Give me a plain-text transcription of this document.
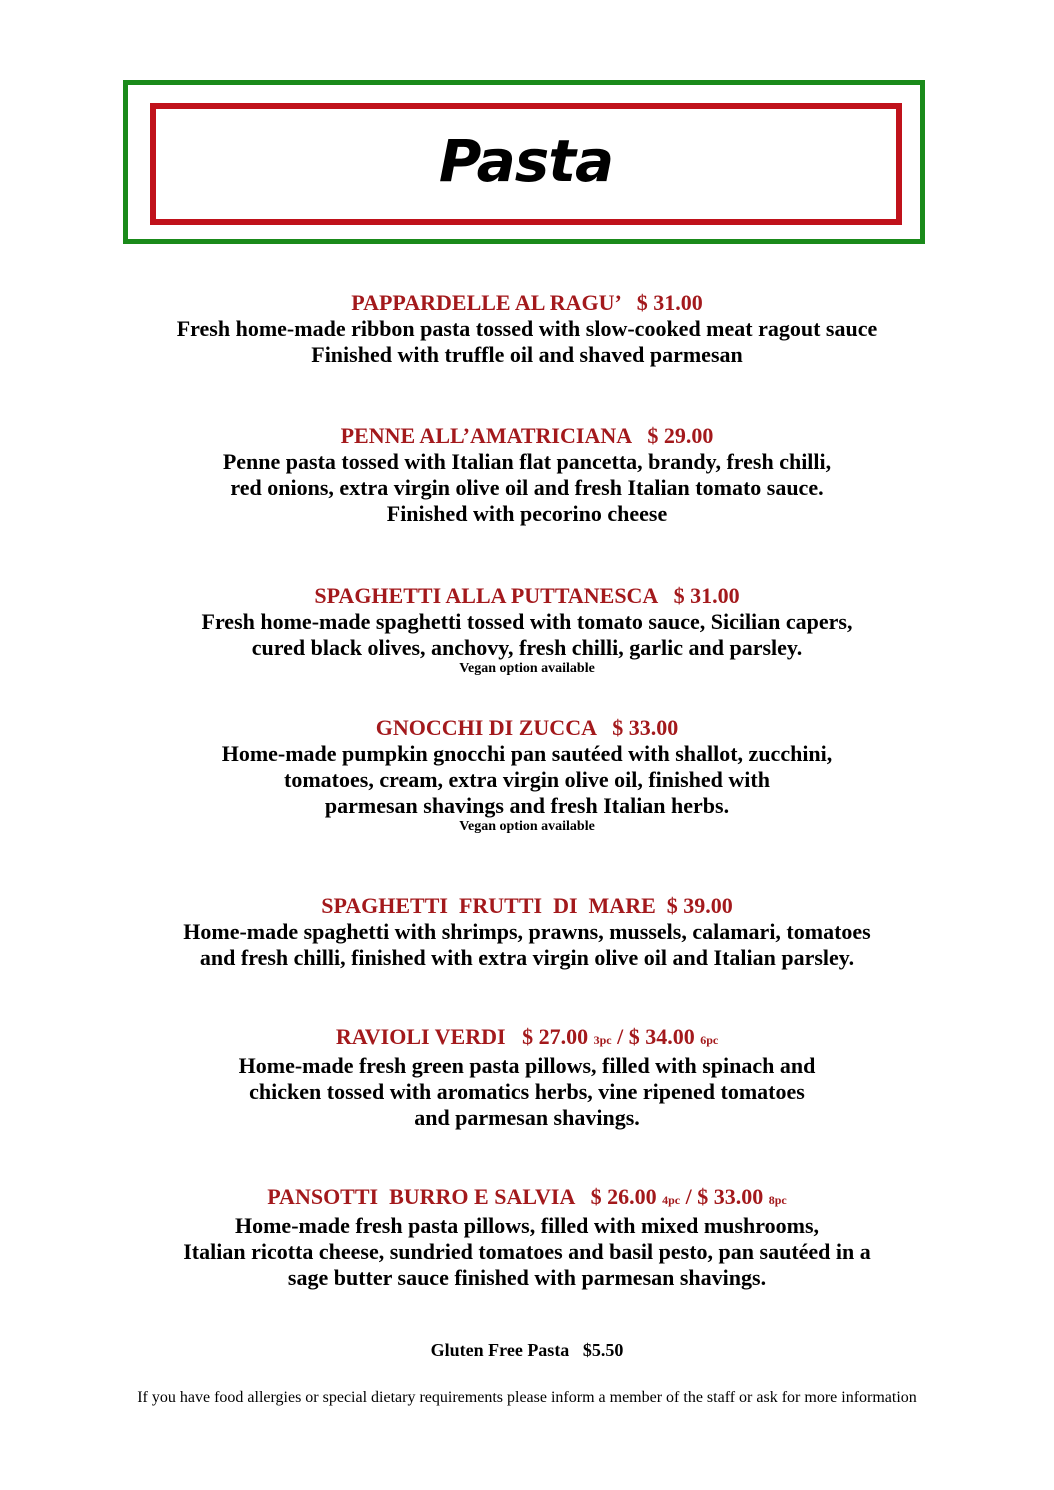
Pasta
PAPPARDELLE AL RAGU’ $ 31.00
Fresh home-made ribbon pasta tossed with slow-cooked meat ragout sauce
Finished with truffle oil and shaved parmesan
PENNE ALL’AMATRICIANA $ 29.00
Penne pasta tossed with Italian flat pancetta, brandy, fresh chilli,
red onions, extra virgin olive oil and fresh Italian tomato sauce.
Finished with pecorino cheese
SPAGHETTI ALLA PUTTANESCA $ 31.00
Fresh home-made spaghetti tossed with tomato sauce, Sicilian capers,
cured black olives, anchovy, fresh chilli, garlic and parsley.
Vegan option available
GNOCCHI DI ZUCCA $ 33.00
Home-made pumpkin gnocchi pan sautéed with shallot, zucchini,
tomatoes, cream, extra virgin olive oil, finished with
parmesan shavings and fresh Italian herbs.
Vegan option available
SPAGHETTI  FRUTTI  DI  MARE $ 39.00
Home-made spaghetti with shrimps, prawns, mussels, calamari, tomatoes
and fresh chilli, finished with extra virgin olive oil and Italian parsley.
RAVIOLI VERDI $ 27.00 3pc / $ 34.00 6pc
Home-made fresh green pasta pillows, filled with spinach and
chicken tossed with aromatics herbs, vine ripened tomatoes
and parmesan shavings.
PANSOTTI  BURRO E SALVIA $ 26.00 4pc / $ 33.00 8pc
Home-made fresh pasta pillows, filled with mixed mushrooms,
Italian ricotta cheese, sundried tomatoes and basil pesto, pan sautéed in a
sage butter sauce finished with parmesan shavings.
Gluten Free Pasta $5.50
If you have food allergies or special dietary requirements please inform a member of the staff or ask for more information
